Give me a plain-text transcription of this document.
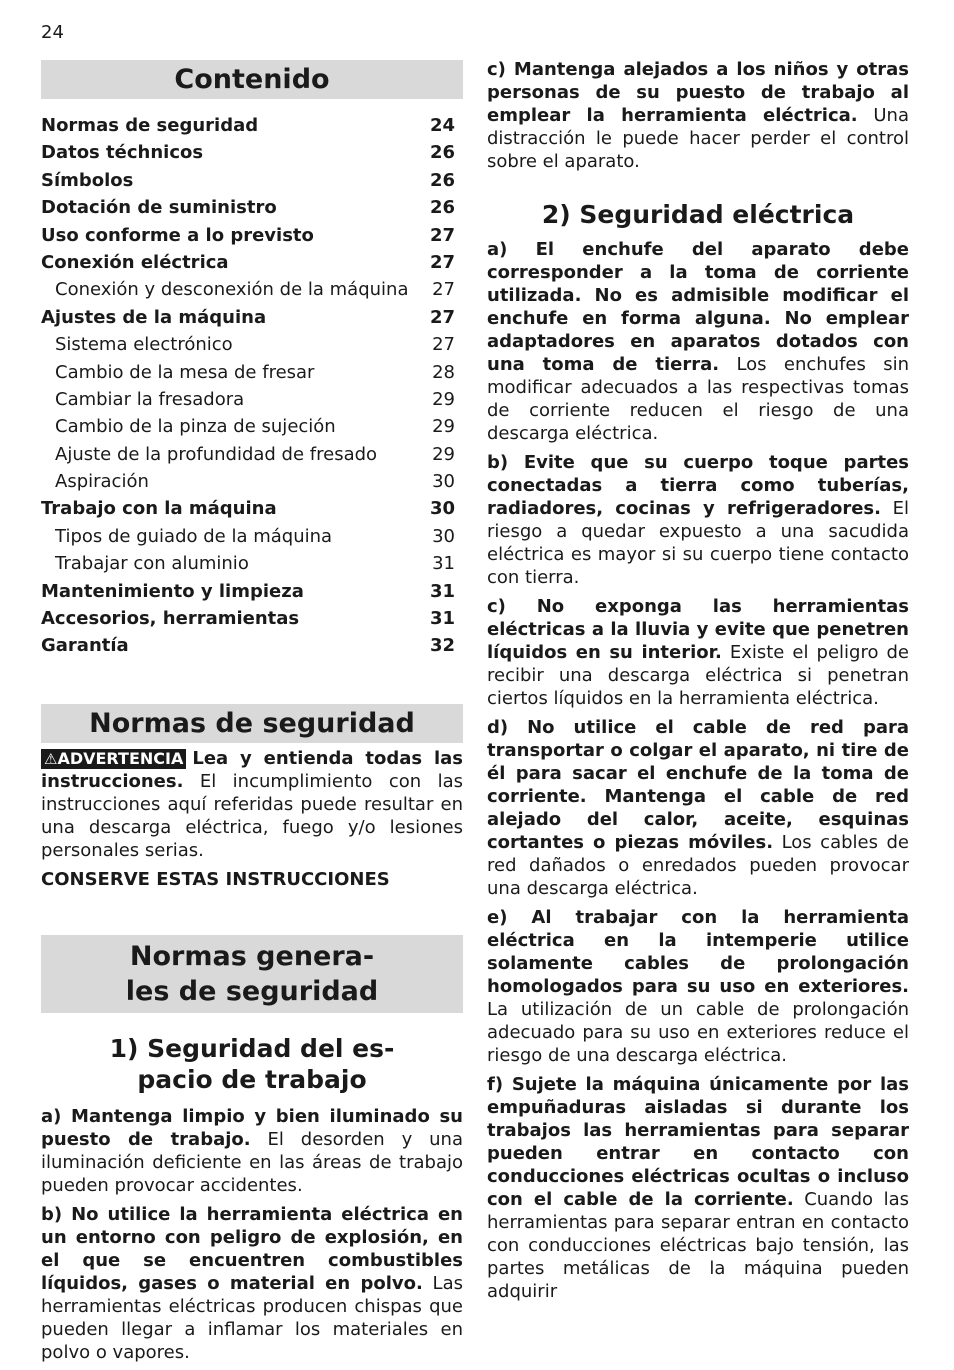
24
Contenido
Normas de seguridad	24
Datos téchnicos	26
Símbolos	26
Dotación de suministro	26
Uso conforme a lo previsto	27
Conexión eléctrica	27
Conexión y desconexión de la máquina 27
Ajustes de la máquina	27
Sistema electrónico	27
Cambio de la mesa de fresar	28
Cambiar la fresadora	29
Cambio de la pinza de sujeción	29
Ajuste de la profundidad de fresado	29
Aspiración	30
Trabajo con la máquina	30
Tipos de guiado de la máquina	30
Trabajar con aluminio	31
Mantenimiento y limpieza	31
Accesorios, herramientas	31
Garantía	32
Normas de seguridad

⚠ADVERTENCIA Lea y entienda todas las instrucciones. El incumplimiento con las instrucciones aquí referidas puede resultar en una descarga eléctrica, fuego y/o lesiones personales serias.

CONSERVE ESTAS INSTRUCCIONES
Normas genera-
les de seguridad
1) Seguridad del es-
pacio de trabajo

a) Mantenga limpio y bien iluminado su puesto de trabajo. El desorden y una iluminación deficiente en las áreas de trabajo pueden provocar accidentes.

b) No utilice la herramienta eléctrica en un entorno con peligro de explosión, en el que se encuentren combustibles líquidos, gases o material en polvo. Las herramientas eléctricas producen chispas que pueden llegar a inflamar los materiales en polvo o vapores.

c) Mantenga alejados a los niños y otras personas de su puesto de trabajo al emplear la herramienta eléctrica. Una distracción le puede hacer perder el control sobre el aparato.

2) Seguridad eléctrica

a) El enchufe del aparato debe corresponder a la toma de corriente utilizada. No es admisible modificar el enchufe en forma alguna. No emplear adaptadores en aparatos dotados con una toma de tierra. Los enchufes sin modificar adecuados a las respectivas tomas de corriente reducen el riesgo de una descarga eléctrica.

b) Evite que su cuerpo toque partes conectadas a tierra como tuberías, radiadores, cocinas y refrigeradores. El riesgo a quedar expuesto a una sacudida eléctrica es mayor si su cuerpo tiene contacto con tierra.

c) No exponga las herramientas eléctricas a la lluvia y evite que penetren líquidos en su interior. Existe el peligro de recibir una descarga eléctrica si penetran ciertos líquidos en la herramienta eléctrica.

d) No utilice el cable de red para transportar o colgar el aparato, ni tire de él para sacar el enchufe de la toma de corriente. Mantenga el cable de red alejado del calor, aceite, esquinas cortantes o piezas móviles. Los cables de red dañados o enredados pueden provocar una descarga eléctrica.

e) Al trabajar con la herramienta eléctrica en la intemperie utilice solamente cables de prolongación homologados para su uso en exteriores. La utilización de un cable de prolongación adecuado para su uso en exteriores reduce el riesgo de una descarga eléctrica.

f) Sujete la máquina únicamente por las empuñaduras aisladas si durante los trabajos las herramientas para separar pueden entrar en contacto con conducciones eléctricas ocultas o incluso con el cable de la corriente. Cuando las herramientas para separar entran en contacto con conducciones eléctricas bajo tensión, las partes metálicas de la máquina pueden adquirir
